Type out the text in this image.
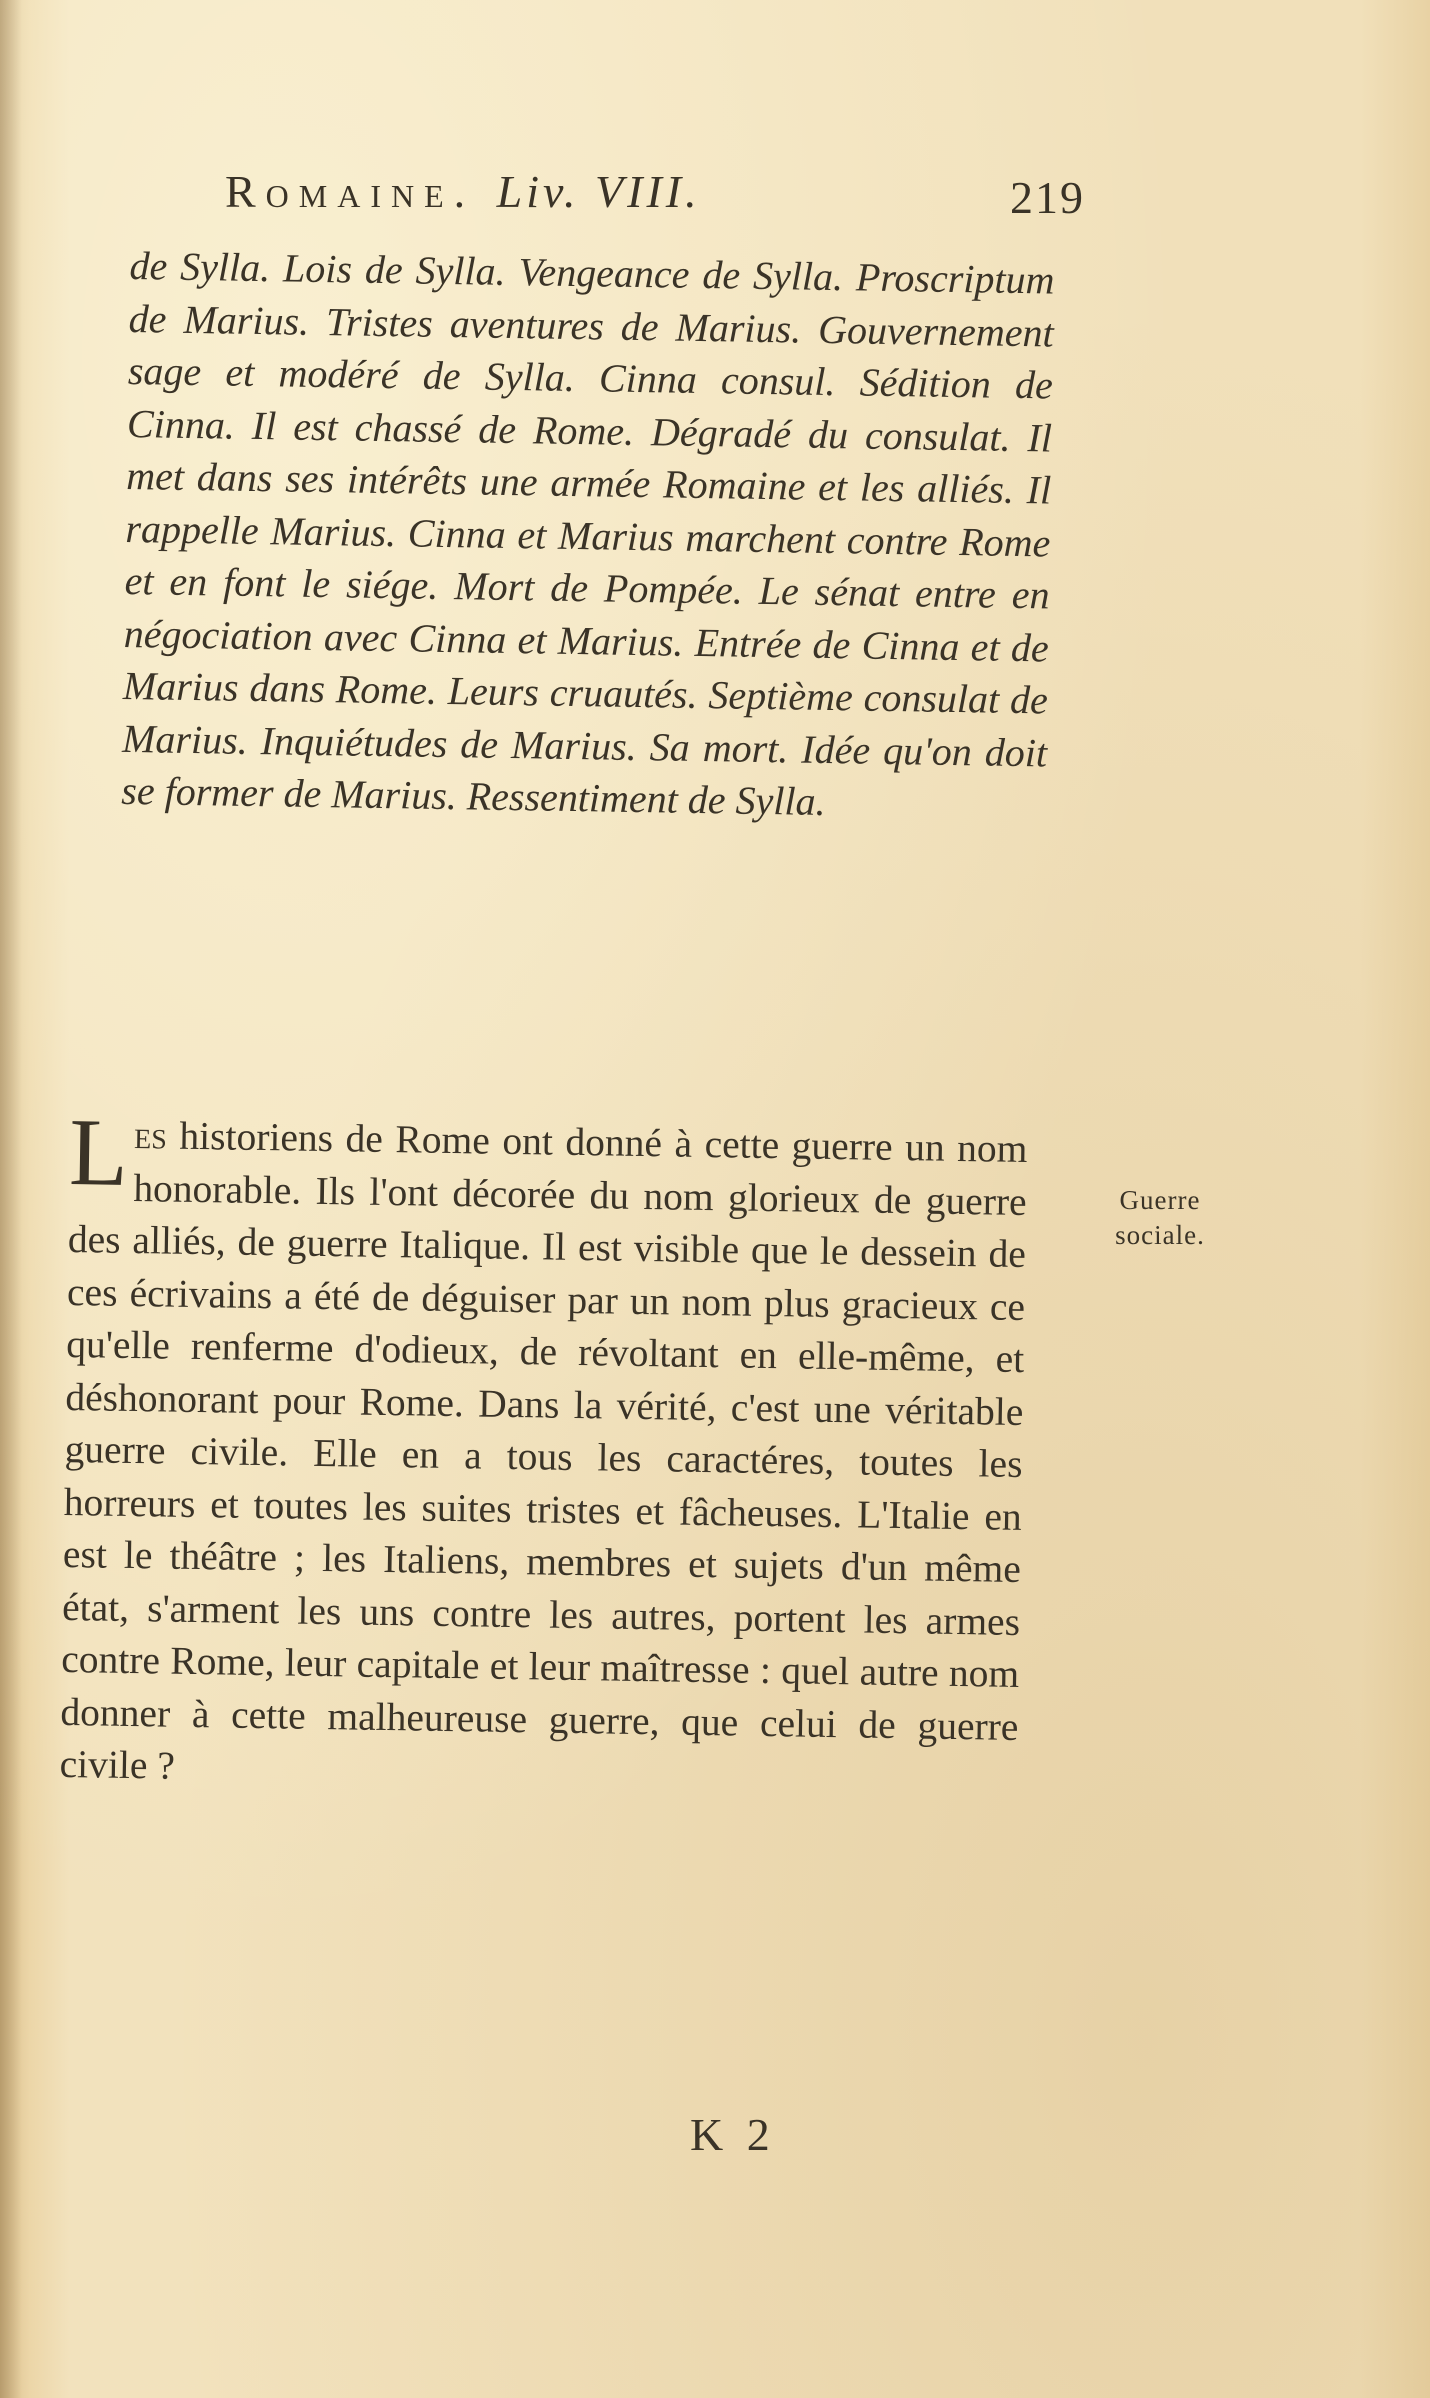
Romaine. Liv. VIII.	219

de Sylla. Lois de Sylla. Vengeance de Sylla. Proscriptum de Marius. Tristes aventures de Marius. Gouvernement sage et modéré de Sylla. Cinna consul. Sédition de Cinna. Il est chassé de Rome. Dégradé du consulat. Il met dans ses intérêts une armée Romaine et les alliés. Il rappelle Marius. Cinna et Marius marchent contre Rome et en font le siége. Mort de Pompée. Le sénat entre en négociation avec Cinna et Marius. Entrée de Cinna et de Marius dans Rome. Leurs cruautés. Septième consulat de Marius. Inquiétudes de Marius. Sa mort. Idée qu'on doit se former de Marius. Ressentiment de Sylla.

Les historiens de Rome ont donné à cette guerre un nom honorable. Ils l'ont décorée du nom glorieux de guerre des alliés, de guerre Italique. Il est visible que le dessein de ces écrivains a été de déguiser par un nom plus gracieux ce qu'elle renferme d'odieux, de révoltant en elle-même, et déshonorant pour Rome. Dans la vérité, c'est une véritable guerre civile. Elle en a tous les caractéres, toutes les horreurs et toutes les suites tristes et fâcheuses. L'Italie en est le théâtre ; les Italiens, membres et sujets d'un même état, s'arment les uns contre les autres, portent les armes contre Rome, leur capitale et leur maîtresse : quel autre nom donner à cette malheureuse guerre, que celui de guerre civile ?

Guerre
sociale.
K 2
